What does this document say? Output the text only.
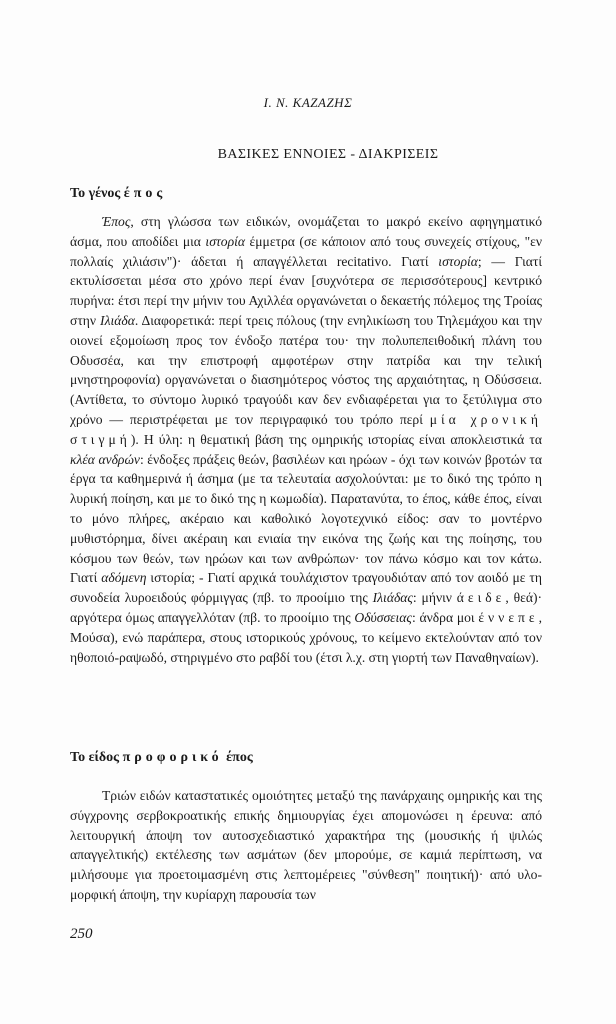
Ι. Ν. ΚΑΖΑΖΗΣ
ΒΑΣΙΚΕΣ ΕΝΝΟΙΕΣ - ΔΙΑΚΡΙΣΕΙΣ
Το γένος έπος

Έπος, στη γλώσσα των ειδικών, ονομάζεται το μακρό εκείνο αφηγηματικό άσμα, που αποδίδει μια ιστορία έμμετρα (σε κάποιον από τους συνεχείς στίχους, "εν πολλαίς χιλιάσιν")· άδεται ή απαγγέλλεται recitativo. Γιατί ιστορία; — Γιατί εκτυλίσσεται μέσα στο χρόνο περί έναν [συχνότερα σε περισσότερους] κεντρικό πυρήνα: έτσι περί την μήνιν του Αχιλλέα οργανώνεται ο δεκαετής πόλεμος της Τροίας στην Ιλιάδα. Διαφορετικά: περί τρεις πόλους (την ενηλικίωση του Τηλεμάχου και την οιονεί εξομοίωση προς τον ένδοξο πατέρα του· την πολυπεπειθοδική πλάνη του Οδυσσέα, και την επιστροφή αμφοτέρων στην πατρίδα και την τελική μνηστηροφονία) οργανώνεται ο διασημότερος νόστος της αρχαιότητας, η Οδύσσεια. (Αντίθετα, το σύντομο λυρικό τραγούδι καν δεν ενδιαφέρεται για το ξετύλιγμα στο χρόνο — περιστρέφεται με τον περιγραφικό του τρόπο περί μία χρονική στιγμή). Η ύλη: η θεματική βάση της ομηρικής ιστορίας είναι αποκλειστικά τα κλέα ανδρών: ένδοξες πράξεις θεών, βασιλέων και ηρώων - όχι των κοινών βροτών τα έργα τα καθημερινά ή άσημα (με τα τελευταία ασχολούνται: με το δικό της τρόπο η λυρική ποίηση, και με το δικό της η κωμωδία). Παρατανύτα, το έπος, κάθε έπος, είναι το μόνο πλήρες, ακέραιο και καθολικό λογοτεχνικό είδος: σαν το μοντέρνο μυθιστόρημα, δίνει ακέραιη και ενιαία την εικόνα της ζωής και της ποίησης, του κόσμου των θεών, των ηρώων και των ανθρώπων· τον πάνω κόσμο και τον κάτω. Γιατί αδόμενη ιστορία; - Γιατί αρχικά τουλάχιστον τραγουδιόταν από τον αοιδό με τη συνοδεία λυροειδούς φόρμιγγας (πβ. το προοίμιο της Ιλιάδας: μήνιν άειδε, θεά)· αργότερα όμως απαγγελλόταν (πβ. το προοίμιο της Οδύσσειας: άνδρα μοι έννεπε, Μούσα), ενώ παράπερα, στους ιστορικούς χρόνους, το κείμενο εκτελούνταν από τον ηθοποιό-ραψωδό, στηριγμένο στο ραβδί του (έτσι λ.χ. στη γιορτή των Παναθηναίων).

Το είδος προφορικό έπος

Τριών ειδών καταστατικές ομοιότητες μεταξύ της πανάρχαιης ομηρικής και της σύγχρονης σερβοκροατικής επικής δημιουργίας έχει απομονώσει η έρευνα: από λειτουργική άποψη τον αυτοσχεδιαστικό χαρακτήρα της (μουσικής ή ψιλώς απαγγελτικής) εκτέλεσης των ασμάτων (δεν μπορούμε, σε καμιά περίπτωση, να μιλήσουμε για προετοιμασμένη στις λεπτομέρειες "σύνθεση" ποιητική)· από υλο-μορφική άποψη, την κυρίαρχη παρουσία των

250
